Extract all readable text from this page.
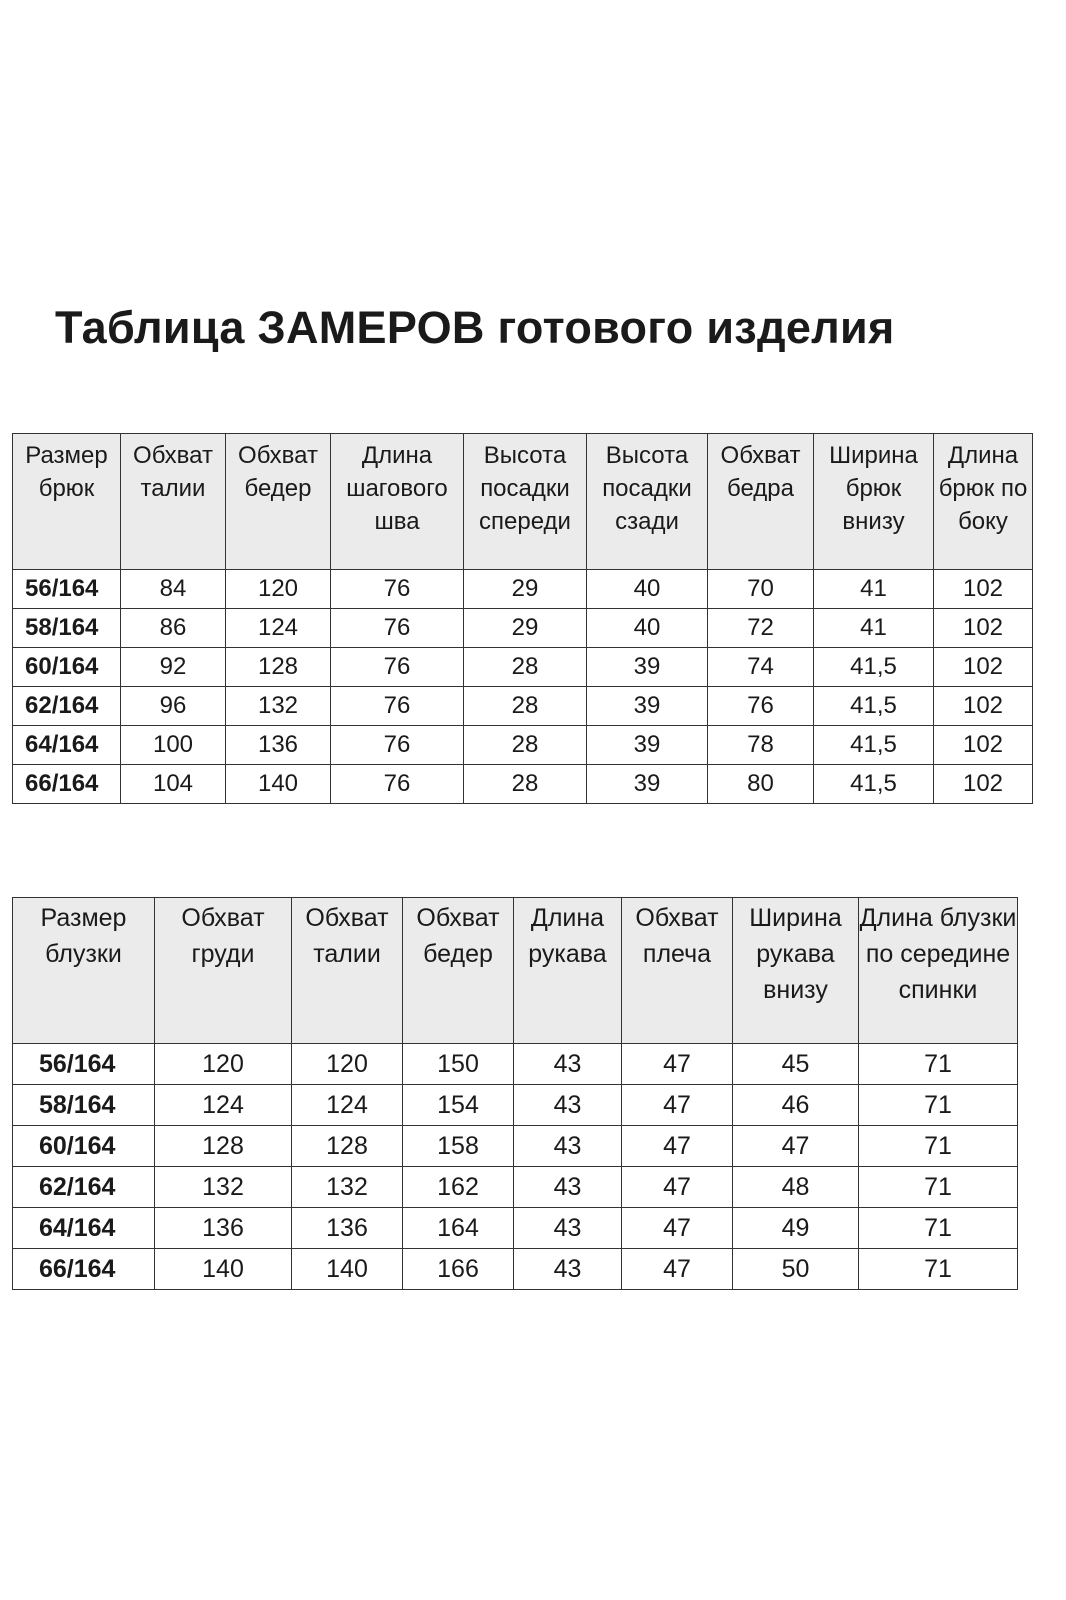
Таблица ЗАМЕРОВ готового изделия
Размер брюк	Обхват талии	Обхват бедер	Длина шагового шва	Высота посадки спереди	Высота посадки сзади	Обхват бедра	Ширина брюк внизу	Длина брюк по боку
56/164	84	120	76	29	40	70	41	102
58/164	86	124	76	29	40	72	41	102
60/164	92	128	76	28	39	74	41,5	102
62/164	96	132	76	28	39	76	41,5	102
64/164	100	136	76	28	39	78	41,5	102
66/164	104	140	76	28	39	80	41,5	102
Размер блузки	Обхват груди	Обхват талии	Обхват бедер	Длина рукава	Обхват плеча	Ширина рукава внизу	Длина блузки по середине спинки
56/164	120	120	150	43	47	45	71
58/164	124	124	154	43	47	46	71
60/164	128	128	158	43	47	47	71
62/164	132	132	162	43	47	48	71
64/164	136	136	164	43	47	49	71
66/164	140	140	166	43	47	50	71
